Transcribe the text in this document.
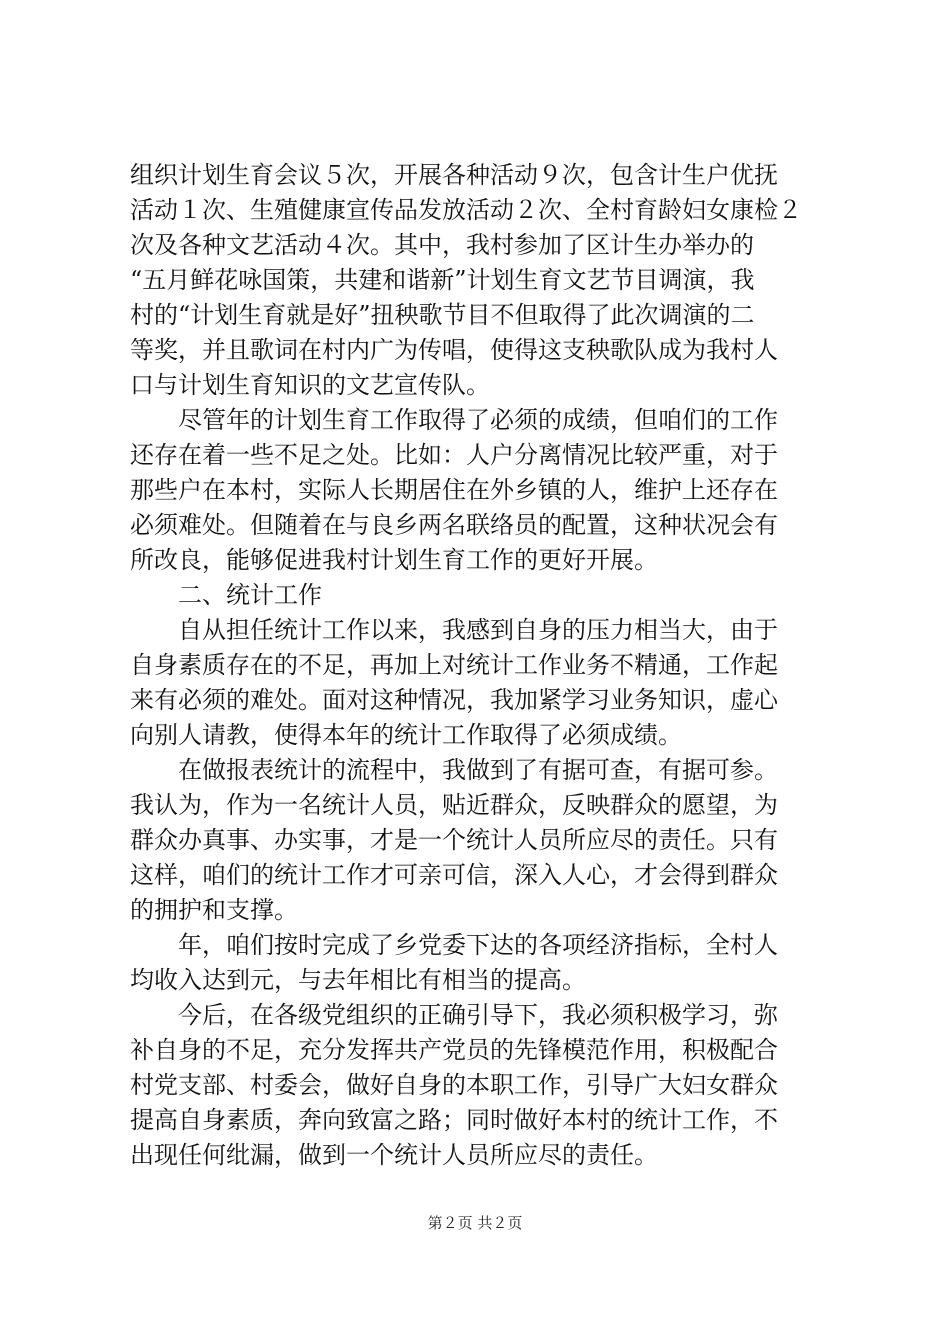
组织计划生育会议５次，开展各种活动９次，包含计生户优抚
活动１次、生殖健康宣传品发放活动２次、全村育龄妇女康检２
次及各种文艺活动４次。其中，我村参加了区计生办举办的
“五月鲜花咏国策，共建和谐新”计划生育文艺节目调演，我
村的“计划生育就是好”扭秧歌节目不但取得了此次调演的二
等奖，并且歌词在村内广为传唱，使得这支秧歌队成为我村人
口与计划生育知识的文艺宣传队。
　　尽管年的计划生育工作取得了必须的成绩，但咱们的工作
还存在着一些不足之处。比如：人户分离情况比较严重，对于
那些户在本村，实际人长期居住在外乡镇的人，维护上还存在
必须难处。但随着在与良乡两名联络员的配置，这种状况会有
所改良，能够促进我村计划生育工作的更好开展。
　　二、统计工作
　　自从担任统计工作以来，我感到自身的压力相当大，由于
自身素质存在的不足，再加上对统计工作业务不精通，工作起
来有必须的难处。面对这种情况，我加紧学习业务知识，虚心
向别人请教，使得本年的统计工作取得了必须成绩。
　　在做报表统计的流程中，我做到了有据可查，有据可参。
我认为，作为一名统计人员，贴近群众，反映群众的愿望，为
群众办真事、办实事，才是一个统计人员所应尽的责任。只有
这样，咱们的统计工作才可亲可信，深入人心，才会得到群众
的拥护和支撑。
　　年，咱们按时完成了乡党委下达的各项经济指标，全村人
均收入达到元，与去年相比有相当的提高。
　　今后，在各级党组织的正确引导下，我必须积极学习，弥
补自身的不足，充分发挥共产党员的先锋模范作用，积极配合
村党支部、村委会，做好自身的本职工作，引导广大妇女群众
提高自身素质，奔向致富之路；同时做好本村的统计工作，不
出现任何纰漏，做到一个统计人员所应尽的责任。
第２页 共２页
